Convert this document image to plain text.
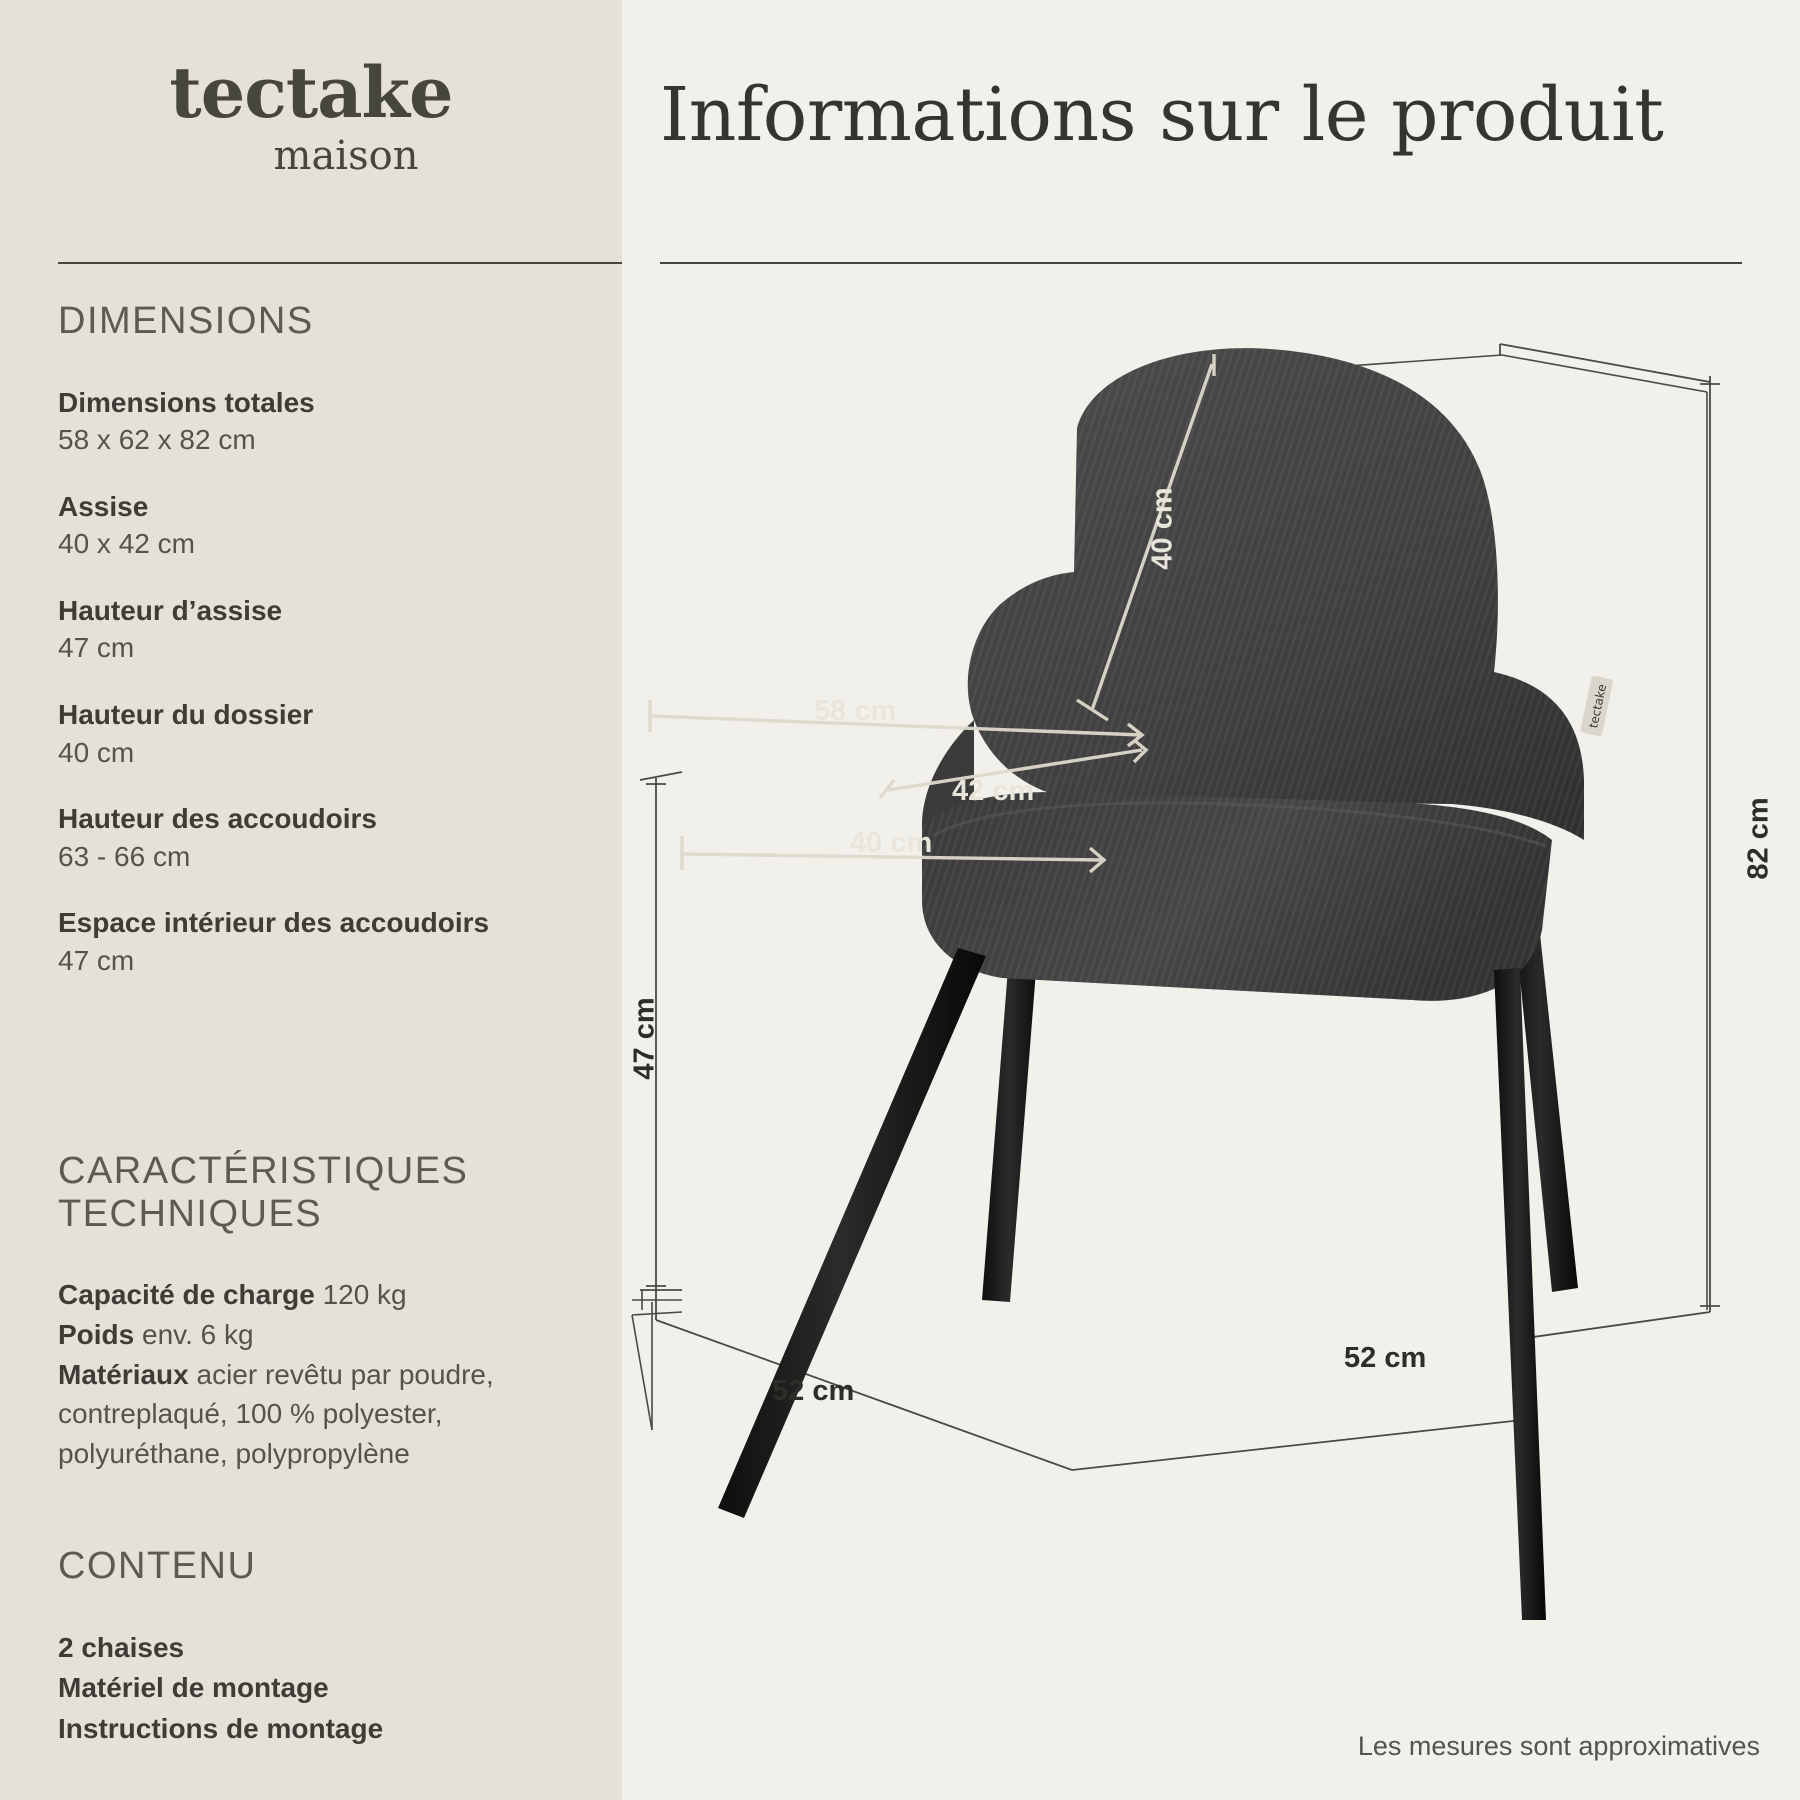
tectake
maison
DIMENSIONS
Dimensions totales
58 x 62 x 82 cm
Assise
40 x 42 cm
Hauteur d’assise
47 cm
Hauteur du dossier
40 cm
Hauteur des accoudoirs
63 - 66 cm
Espace intérieur des accoudoirs
47 cm
CARACTÉRISTIQUES TECHNIQUES
Capacité de charge 120 kg
Poids env. 6 kg
Matériaux acier revêtu par poudre, contreplaqué, 100 % polyester, polyuréthane, polypropylène
CONTENU
2 chaises
Matériel de montage
Instructions de montage
Informations sur le produit
tectake
40 cm
58 cm
42 cm
40 cm
47 cm
82 cm
52 cm
52 cm
Les mesures sont approximatives
